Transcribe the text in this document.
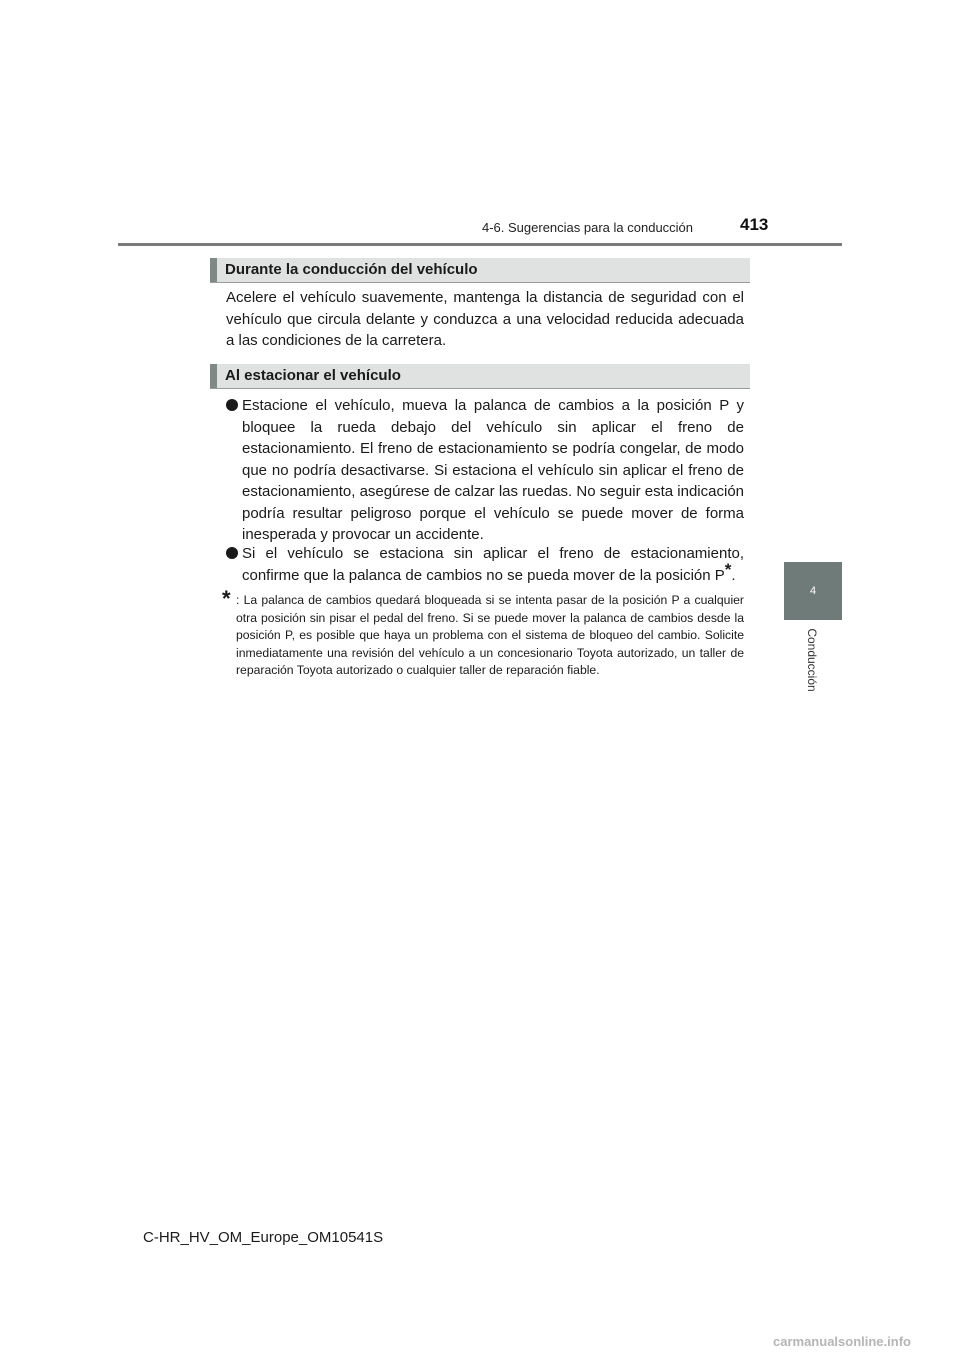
4-6. Sugerencias para la conducción	413
4
Conducción
Durante la conducción del vehículo
Acelere el vehículo suavemente, mantenga la distancia de seguridad con el vehículo que circula delante y conduzca a una velocidad reducida adecuada a las condiciones de la carretera.
Al estacionar el vehículo
Estacione el vehículo, mueva la palanca de cambios a la posición P y bloquee la rueda debajo del vehículo sin aplicar el freno de estacionamiento. El freno de estacionamiento se podría congelar, de modo que no podría desactivarse. Si estaciona el vehículo sin aplicar el freno de estacionamiento, asegúrese de calzar las ruedas. No seguir esta indicación podría resultar peligroso porque el vehículo se puede mover de forma inesperada y provocar un accidente.
Si el vehículo se estaciona sin aplicar el freno de estacionamiento, confirme que la palanca de cambios no se pueda mover de la posición P*.
* : La palanca de cambios quedará bloqueada si se intenta pasar de la posición P a cualquier otra posición sin pisar el pedal del freno. Si se puede mover la palanca de cambios desde la posición P, es posible que haya un problema con el sistema de bloqueo del cambio. Solicite inmediatamente una revisión del vehículo a un concesionario Toyota autorizado, un taller de reparación Toyota autorizado o cualquier taller de reparación fiable.
C-HR_HV_OM_Europe_OM10541S
carmanualsonline.info
